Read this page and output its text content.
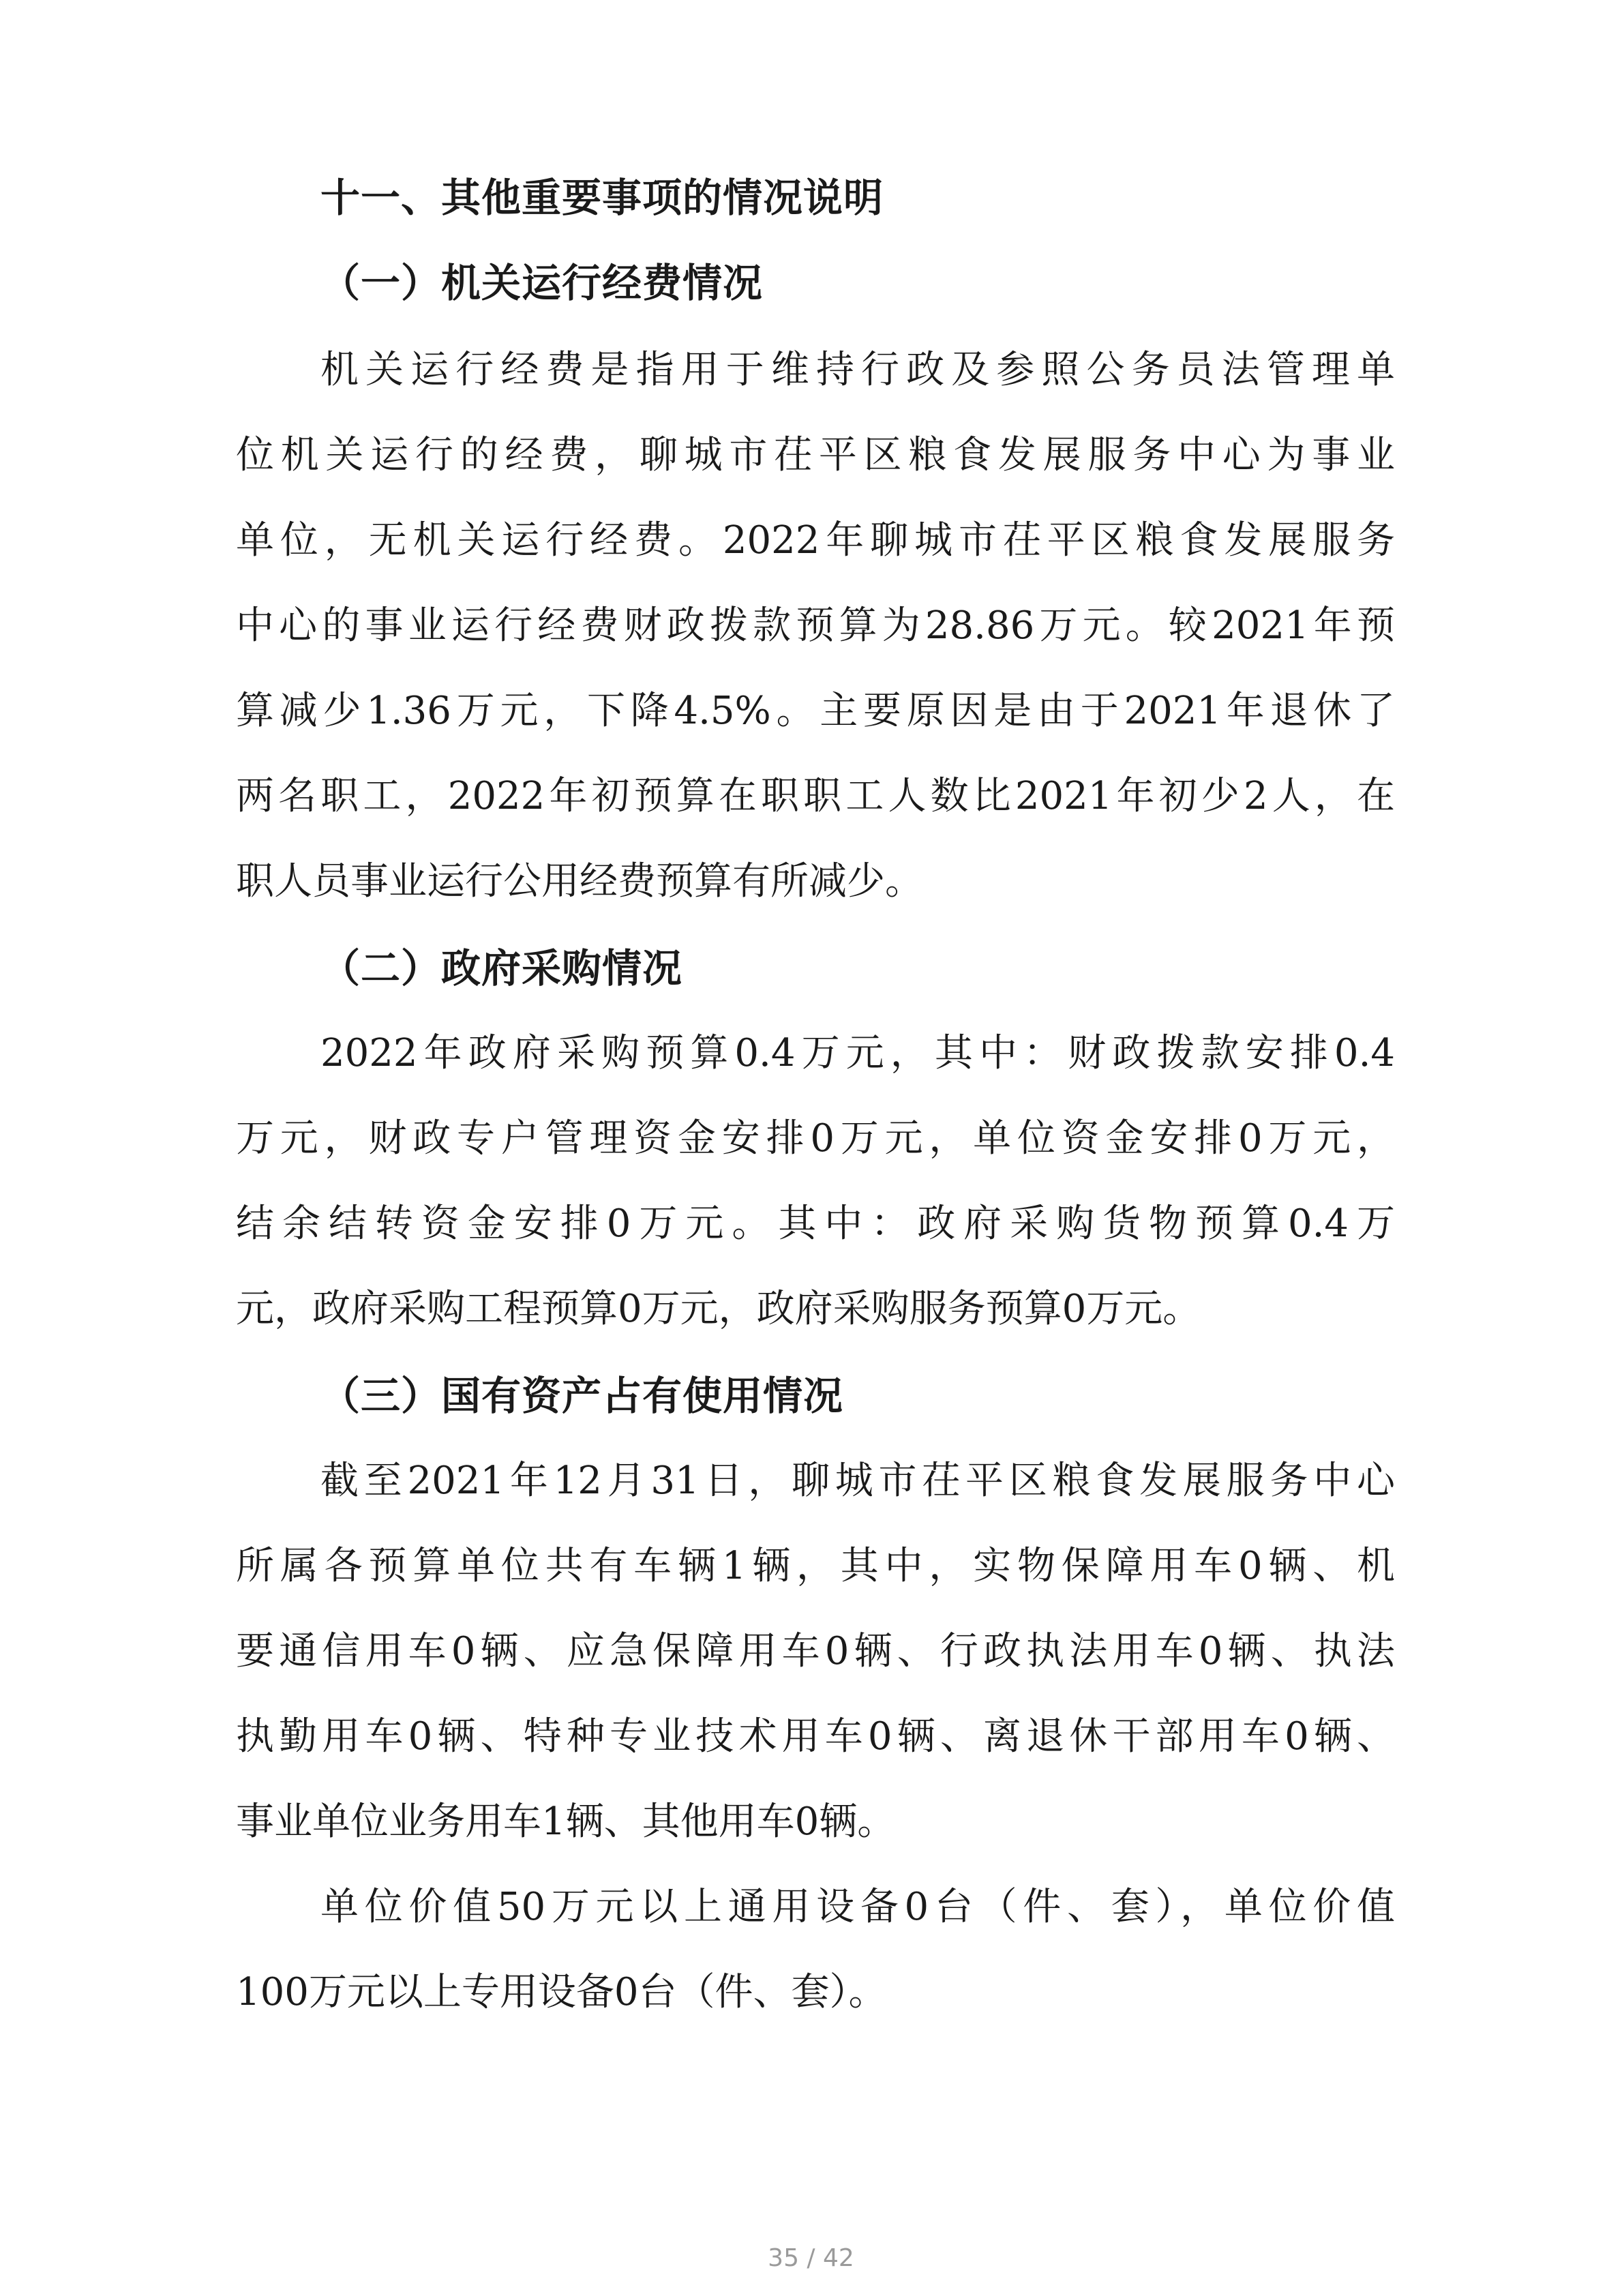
十一、其他重要事项的情况说明
（一）机关运行经费情况
机关运行经费是指用于维持行政及参照公务员法管理单
位机关运行的经费，聊城市茌平区粮食发展服务中心为事业
单位，无机关运行经费。2022年聊城市茌平区粮食发展服务
中心的事业运行经费财政拨款预算为28.86万元。较2021年预
算减少1.36万元，下降4.5%。主要原因是由于2021年退休了
两名职工，2022年初预算在职职工人数比2021年初少2人，在
职人员事业运行公用经费预算有所减少。
（二）政府采购情况
2022年政府采购预算0.4万元，其中：财政拨款安排0.4
万元，财政专户管理资金安排0万元，单位资金安排0万元，
结余结转资金安排0万元。其中：政府采购货物预算0.4万
元，政府采购工程预算0万元，政府采购服务预算0万元。
（三）国有资产占有使用情况
截至2021年12月31日，聊城市茌平区粮食发展服务中心
所属各预算单位共有车辆1辆，其中，实物保障用车0辆、机
要通信用车0辆、应急保障用车0辆、行政执法用车0辆、执法
执勤用车0辆、特种专业技术用车0辆、离退休干部用车0辆、
事业单位业务用车1辆、其他用车0辆。
单位价值50万元以上通用设备0台（件、套），单位价值
100万元以上专用设备0台（件、套）。
35 / 42
